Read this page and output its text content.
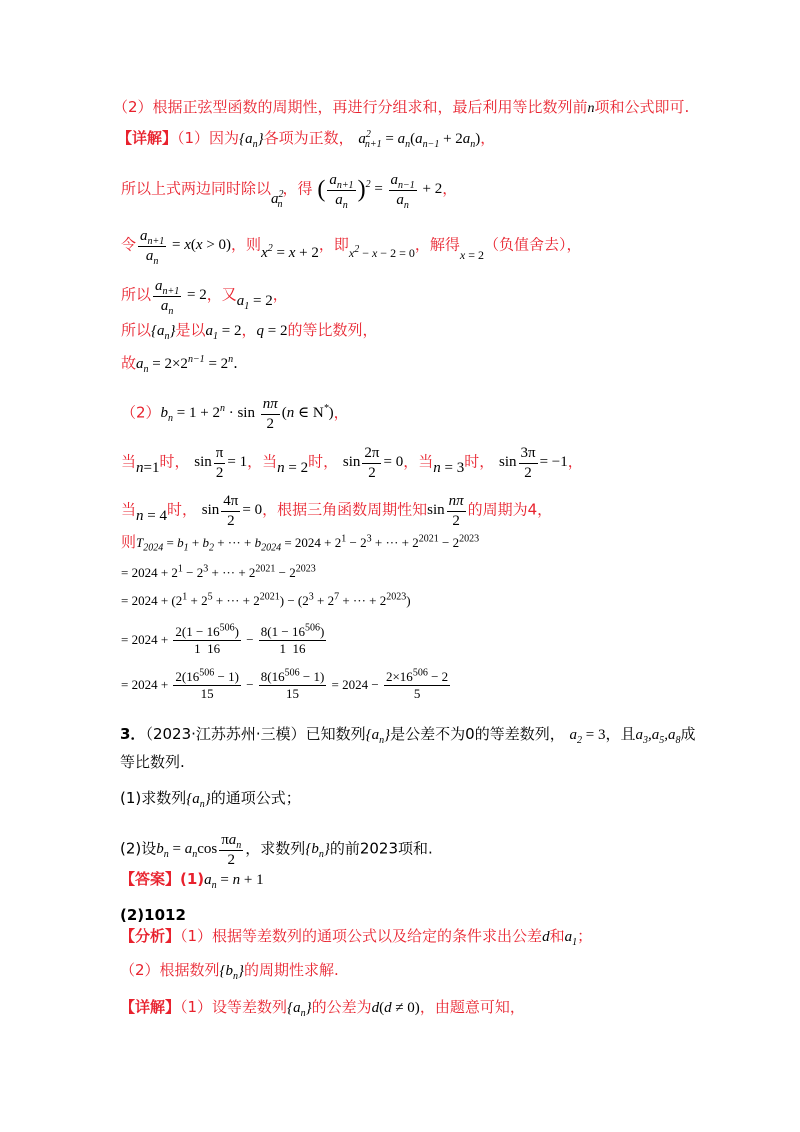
（2）根据正弦型函数的周期性，再进行分组求和，最后利用等比数列前n项和公式即可.
【详解】（1）因为$\{a_n\}$各项为正数， $a^2_{n+1} = a_n(a_{n-1} + 2a_n)$，
所以上式两边同时除以$a^2_n$，得 ( $\frac{a_{n+1}}{a_n} )^2 = \frac{a_{n-1}}{a_n} + 2$，
令 $\frac{a_{n+1}}{a_n} = x(x > 0)$，则$x^2 = x + 2$，即$_{x^2 - x - 2 = 0}$，解得$_{x = 2}$（负值舍去），
所以 $\frac{a_{n+1}}{a_n} = 2$，又$a_1 = 2$，
所以$\{a_n\}$是以$a_1 = 2$，q = 2的等比数列，
故$a_n = 2\times 2^{n-1} = 2^n$.
$(2)b_n = 1 + 2^n \cdot \sin \frac{n\pi}{2} (n$ ∈ N*)，
当n=1时， $\sin \frac{\pi}{2} = 1$，当n = 2时， $\sin \frac{2\pi}{2} = 0$，当n = 3时， $\sin \frac{3\pi}{2} = -1$，
当n = 4时， $\sin \frac{4\pi}{2} = 0$，根据三角函数周期性知$\sin \frac{n\pi}{2}$ 的周期为4，
则$T_{2024} = b_1 + b_2$ + ··· + $b_{2024} = 2024 + 2^1 - 2^3$ + ··· + $2^{2021} - 2^{2023}$
= $2024 + 2^1 - 2^3$ + ··· + $2^{2021} - 2^{2023}$
= $2024 + (2^1 + 2^5$ + ··· + $2^{2021}) - (2^3 + 2^7$ + ··· + $2^{2023}$)
= $2024 + \frac{2(1 - 16^{506})}{1 16} - \frac{8(1 - 16^{506})}{1 16}$
= $2024 + \frac{2(16^{506} - 1)}{15} - \frac{8(16^{506} - 1)}{15} = 2024 - \frac{2\times 16^{506} - 2}{5}$
3．（2023·江苏苏州·三模）已知数列$\{a_n\}$是公差不为0的等差数列， $a_2 = 3$，且$a_3,a_5,a_8$成
等比数列.
(1)求数列$\{a_n\}$的通项公式；
(2)设$b_n = a_n\cos$
$\pi a_n$
2
，求数列$\{b_n\}$的前2023项和.
【答案】$(1)a_n = n + 1$
(2)1012
【分析】（1）根据等差数列的通项公式以及给定的条件求出公差d和$a_1$；
（2）根据数列$\{b_n\}$的周期性求解.
【详解】（1）设等差数列$\{a_n\}$的公差为d(d ≠ 0)，由题意可知，
